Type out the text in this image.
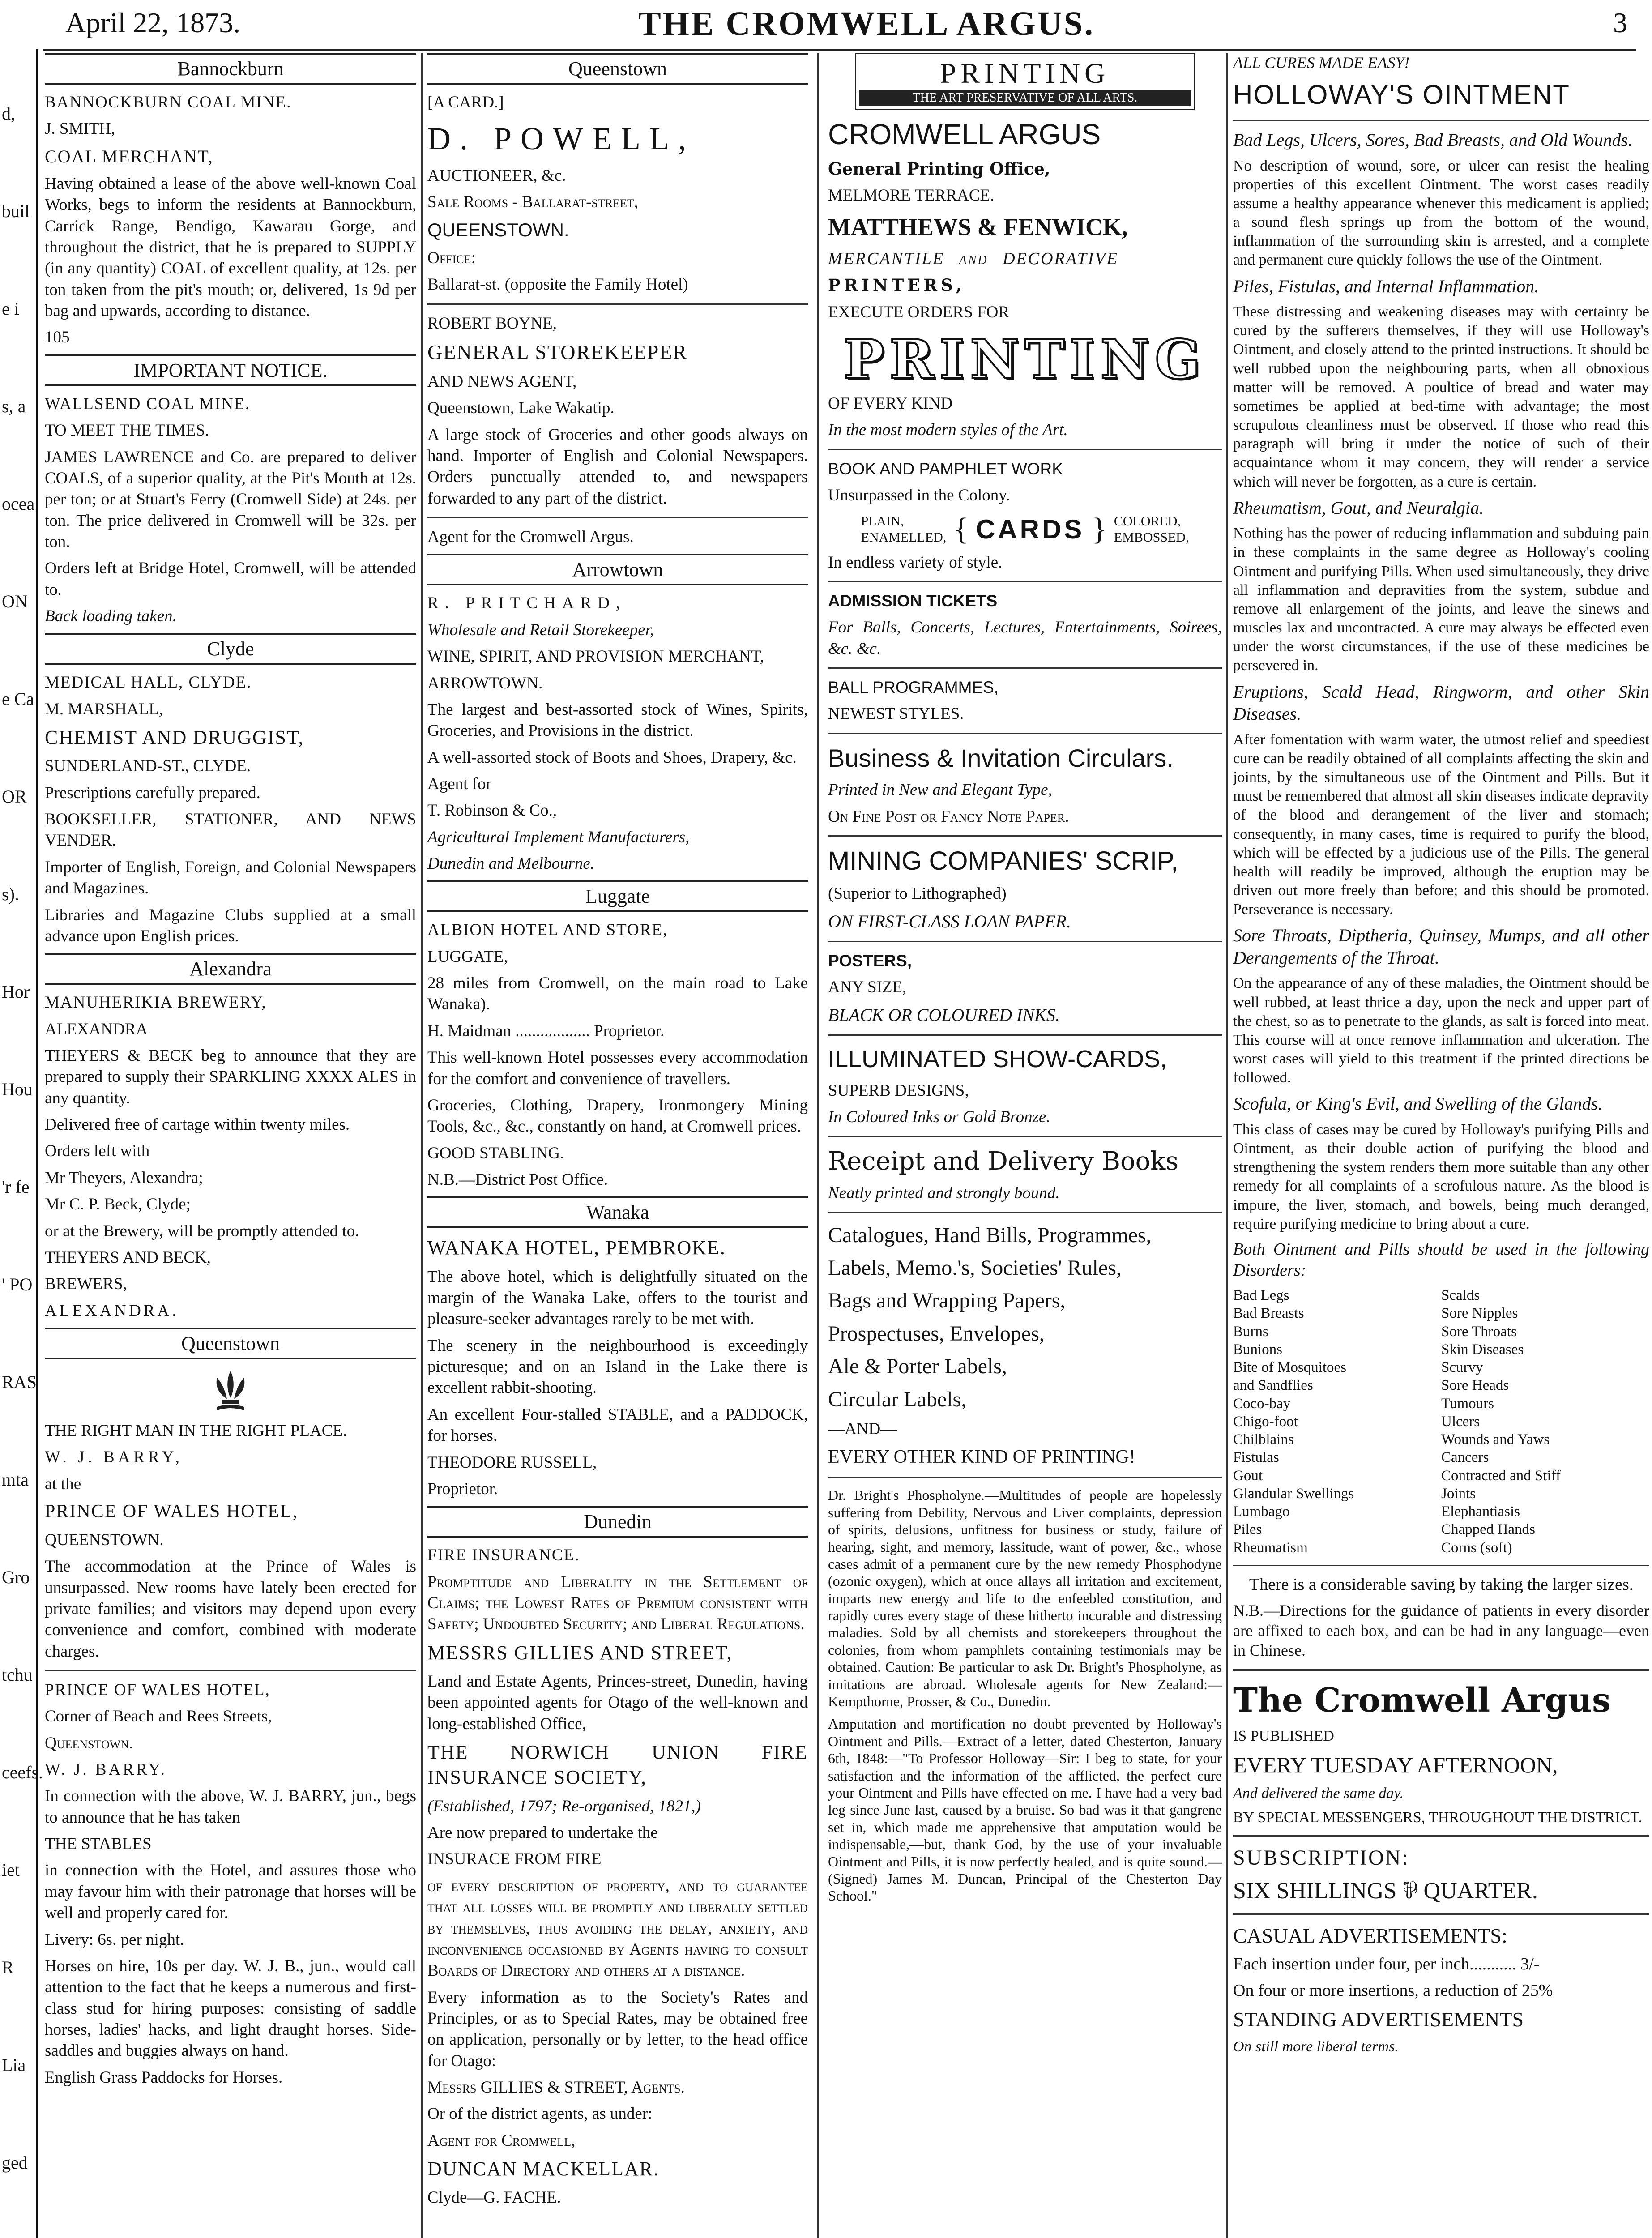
April 22, 1873.	THE CROMWELL ARGUS.	3
d,
buil
e i
s, a
ocea
ON
e Ca
OR
s).
Hor
Hou
'r fe
' PO
RAS
mta
Gro
tchu
ceefs.
iet
R
Lia
ged
Bannockburn

BANNOCKBURN COAL MINE.

J. SMITH,

COAL MERCHANT,

Having obtained a lease of the above well-known Coal Works, begs to inform the residents at Bannockburn, Carrick Range, Bendigo, Kawarau Gorge, and throughout the district, that he is prepared to SUPPLY (in any quantity) COAL of excellent quality, at 12s. per ton taken from the pit's mouth; or, delivered, 1s 9d per bag and upwards, according to distance.

105

IMPORTANT NOTICE.

WALLSEND COAL MINE.

TO MEET THE TIMES.

JAMES LAWRENCE and Co. are prepared to deliver COALS, of a superior quality, at the Pit's Mouth at 12s. per ton; or at Stuart's Ferry (Cromwell Side) at 24s. per ton. The price delivered in Cromwell will be 32s. per ton.

Orders left at Bridge Hotel, Cromwell, will be attended to.

Back loading taken.

Clyde

MEDICAL HALL, CLYDE.

M. MARSHALL,

CHEMIST AND DRUGGIST,

SUNDERLAND-ST., CLYDE.

Prescriptions carefully prepared.

BOOKSELLER, STATIONER, AND NEWS VENDER.

Importer of English, Foreign, and Colonial Newspapers and Magazines.

Libraries and Magazine Clubs supplied at a small advance upon English prices.

Alexandra

MANUHERIKIA BREWERY,

ALEXANDRA

THEYERS & BECK beg to announce that they are prepared to supply their SPARKLING XXXX ALES in any quantity.

Delivered free of cartage within twenty miles.

Orders left with

Mr Theyers, Alexandra;

Mr C. P. Beck, Clyde;

or at the Brewery, will be promptly attended to.

THEYERS AND BECK,

BREWERS,

ALEXANDRA.

Queenstown

THE RIGHT MAN IN THE RIGHT PLACE.

W. J. BARRY,

at the

PRINCE OF WALES HOTEL,

QUEENSTOWN.

The accommodation at the Prince of Wales is unsurpassed. New rooms have lately been erected for private families; and visitors may depend upon every convenience and comfort, combined with moderate charges.

PRINCE OF WALES HOTEL,

Corner of Beach and Rees Streets,

Queenstown.

W. J. BARRY.

In connection with the above, W. J. BARRY, jun., begs to announce that he has taken

THE STABLES

in connection with the Hotel, and assures those who may favour him with their patronage that horses will be well and properly cared for.

Livery: 6s. per night.

Horses on hire, 10s per day. W. J. B., jun., would call attention to the fact that he keeps a numerous and first-class stud for hiring purposes: consisting of saddle horses, ladies' hacks, and light draught horses. Side-saddles and buggies always on hand.

English Grass Paddocks for Horses.

Queenstown

[A CARD.]

D. POWELL,

AUCTIONEER, &c.

Sale Rooms - Ballarat-street,

QUEENSTOWN.

Office:

Ballarat-st. (opposite the Family Hotel)

ROBERT BOYNE,

GENERAL STOREKEEPER

AND NEWS AGENT,

Queenstown, Lake Wakatip.

A large stock of Groceries and other goods always on hand. Importer of English and Colonial Newspapers. Orders punctually attended to, and newspapers forwarded to any part of the district.

Agent for the Cromwell Argus.

Arrowtown

R. PRITCHARD,

Wholesale and Retail Storekeeper,

WINE, SPIRIT, AND PROVISION MERCHANT,

ARROWTOWN.

The largest and best-assorted stock of Wines, Spirits, Groceries, and Provisions in the district.

A well-assorted stock of Boots and Shoes, Drapery, &c.

Agent for

T. Robinson & Co.,

Agricultural Implement Manufacturers,

Dunedin and Melbourne.

Luggate

ALBION HOTEL AND STORE,

LUGGATE,

28 miles from Cromwell, on the main road to Lake Wanaka).

H. Maidman .................. Proprietor.

This well-known Hotel possesses every accommodation for the comfort and convenience of travellers.

Groceries, Clothing, Drapery, Ironmongery Mining Tools, &c., &c., constantly on hand, at Cromwell prices.

GOOD STABLING.

N.B.—District Post Office.

Wanaka

WANAKA HOTEL, PEMBROKE.

The above hotel, which is delightfully situated on the margin of the Wanaka Lake, offers to the tourist and pleasure-seeker advantages rarely to be met with.

The scenery in the neighbourhood is exceedingly picturesque; and on an Island in the Lake there is excellent rabbit-shooting.

An excellent Four-stalled STABLE, and a PADDOCK, for horses.

THEODORE RUSSELL,

Proprietor.

Dunedin

FIRE INSURANCE.

Promptitude and Liberality in the Settlement of Claims; the Lowest Rates of Premium consistent with Safety; Undoubted Security; and Liberal Regulations.

MESSRS GILLIES AND STREET,

Land and Estate Agents, Princes-street, Dunedin, having been appointed agents for Otago of the well-known and long-established Office,

THE NORWICH UNION FIRE INSURANCE SOCIETY,

(Established, 1797; Re-organised, 1821,)

Are now prepared to undertake the

INSURACE FROM FIRE

of every description of property, and to guarantee that all losses will be promptly and liberally settled by themselves, thus avoiding the delay, anxiety, and inconvenience occasioned by Agents having to consult Boards of Directory and others at a distance.

Every information as to the Society's Rates and Principles, or as to Special Rates, may be obtained free on application, personally or by letter, to the head office for Otago:

Messrs GILLIES & STREET, Agents.

Or of the district agents, as under:

Agent for Cromwell,

DUNCAN MACKELLAR.

Clyde—G. FACHE.

PRINTING
THE ART PRESERVATIVE OF ALL ARTS.

CROMWELL ARGUS

General Printing Office,

MELMORE TERRACE.

MATTHEWS & FENWICK,

MERCANTILE AND DECORATIVE

PRINTERS,

EXECUTE ORDERS FOR

PRINTING

OF EVERY KIND

In the most modern styles of the Art.

BOOK AND PAMPHLET WORK

Unsurpassed in the Colony.

PLAIN,
ENAMELLED, { CARDS } COLORED,
EMBOSSED,

In endless variety of style.

ADMISSION TICKETS

For Balls, Concerts, Lectures, Entertainments, Soirees, &c. &c.

BALL PROGRAMMES,

NEWEST STYLES.

Business & Invitation Circulars.

Printed in New and Elegant Type,

On Fine Post or Fancy Note Paper.

MINING COMPANIES' SCRIP,

(Superior to Lithographed)

ON FIRST-CLASS LOAN PAPER.

POSTERS,

ANY SIZE,

BLACK OR COLOURED INKS.

ILLUMINATED SHOW-CARDS,

SUPERB DESIGNS,

In Coloured Inks or Gold Bronze.

Receipt and Delivery Books

Neatly printed and strongly bound.

Catalogues, Hand Bills, Programmes,

Labels, Memo.'s, Societies' Rules,

Bags and Wrapping Papers,

Prospectuses, Envelopes,

Ale & Porter Labels,

Circular Labels,

—AND—

EVERY OTHER KIND OF PRINTING!

Dr. Bright's Phospholyne.—Multitudes of people are hopelessly suffering from Debility, Nervous and Liver complaints, depression of spirits, delusions, unfitness for business or study, failure of hearing, sight, and memory, lassitude, want of power, &c., whose cases admit of a permanent cure by the new remedy Phosphodyne (ozonic oxygen), which at once allays all irritation and excitement, imparts new energy and life to the enfeebled constitution, and rapidly cures every stage of these hitherto incurable and distressing maladies. Sold by all chemists and storekeepers throughout the colonies, from whom pamphlets containing testimonials may be obtained. Caution: Be particular to ask Dr. Bright's Phospholyne, as imitations are abroad. Wholesale agents for New Zealand:—Kempthorne, Prosser, & Co., Dunedin.

Amputation and mortification no doubt prevented by Holloway's Ointment and Pills.—Extract of a letter, dated Chesterton, January 6th, 1848:—"To Professor Holloway—Sir: I beg to state, for your satisfaction and the information of the afflicted, the perfect cure your Ointment and Pills have effected on me. I have had a very bad leg since June last, caused by a bruise. So bad was it that gangrene set in, which made me apprehensive that amputation would be indispensable,—but, thank God, by the use of your invaluable Ointment and Pills, it is now perfectly healed, and is quite sound.—(Signed) James M. Duncan, Principal of the Chesterton Day School."

ALL CURES MADE EASY!

HOLLOWAY'S OINTMENT

Bad Legs, Ulcers, Sores, Bad Breasts, and Old Wounds.

No description of wound, sore, or ulcer can resist the healing properties of this excellent Ointment. The worst cases readily assume a healthy appearance whenever this medicament is applied; a sound flesh springs up from the bottom of the wound, inflammation of the surrounding skin is arrested, and a complete and permanent cure quickly follows the use of the Ointment.

Piles, Fistulas, and Internal Inflammation.

These distressing and weakening diseases may with certainty be cured by the sufferers themselves, if they will use Holloway's Ointment, and closely attend to the printed instructions. It should be well rubbed upon the neighbouring parts, when all obnoxious matter will be removed. A poultice of bread and water may sometimes be applied at bed-time with advantage; the most scrupulous cleanliness must be observed. If those who read this paragraph will bring it under the notice of such of their acquaintance whom it may concern, they will render a service which will never be forgotten, as a cure is certain.

Rheumatism, Gout, and Neuralgia.

Nothing has the power of reducing inflammation and subduing pain in these complaints in the same degree as Holloway's cooling Ointment and purifying Pills. When used simultaneously, they drive all inflammation and depravities from the system, subdue and remove all enlargement of the joints, and leave the sinews and muscles lax and uncontracted. A cure may always be effected even under the worst circumstances, if the use of these medicines be persevered in.

Eruptions, Scald Head, Ringworm, and other Skin Diseases.

After fomentation with warm water, the utmost relief and speediest cure can be readily obtained of all complaints affecting the skin and joints, by the simultaneous use of the Ointment and Pills. But it must be remembered that almost all skin diseases indicate depravity of the blood and derangement of the liver and stomach; consequently, in many cases, time is required to purify the blood, which will be effected by a judicious use of the Pills. The general health will readily be improved, although the eruption may be driven out more freely than before; and this should be promoted. Perseverance is necessary.

Sore Throats, Diptheria, Quinsey, Mumps, and all other Derangements of the Throat.

On the appearance of any of these maladies, the Ointment should be well rubbed, at least thrice a day, upon the neck and upper part of the chest, so as to penetrate to the glands, as salt is forced into meat. This course will at once remove inflammation and ulceration. The worst cases will yield to this treatment if the printed directions be followed.

Scofula, or King's Evil, and Swelling of the Glands.

This class of cases may be cured by Holloway's purifying Pills and Ointment, as their double action of purifying the blood and strengthening the system renders them more suitable than any other remedy for all complaints of a scrofulous nature. As the blood is impure, the liver, stomach, and bowels, being much deranged, require purifying medicine to bring about a cure.

Both Ointment and Pills should be used in the following Disorders:

Bad Legs
Bad Breasts
Burns
Bunions
Bite of Mosquitoes
and Sandflies
Coco-bay
Chigo-foot
Chilblains
Fistulas
Gout
Glandular Swellings
Lumbago
Piles
Rheumatism
Scalds
Sore Nipples
Sore Throats
Skin Diseases
Scurvy
Sore Heads
Tumours
Ulcers
Wounds and Yaws
Cancers
Contracted and Stiff
Joints
Elephantiasis
Chapped Hands
Corns (soft)

There is a considerable saving by taking the larger sizes.

N.B.—Directions for the guidance of patients in every disorder are affixed to each box, and can be had in any language—even in Chinese.

The Cromwell Argus

IS PUBLISHED

EVERY TUESDAY AFTERNOON,

And delivered the same day.

BY SPECIAL MESSENGERS, THROUGHOUT THE DISTRICT.

SUBSCRIPTION:

SIX SHILLINGS ⅌ QUARTER.

CASUAL ADVERTISEMENTS:

Each insertion under four, per inch........... 3/-

On four or more insertions, a reduction of 25%

STANDING ADVERTISEMENTS

On still more liberal terms.
